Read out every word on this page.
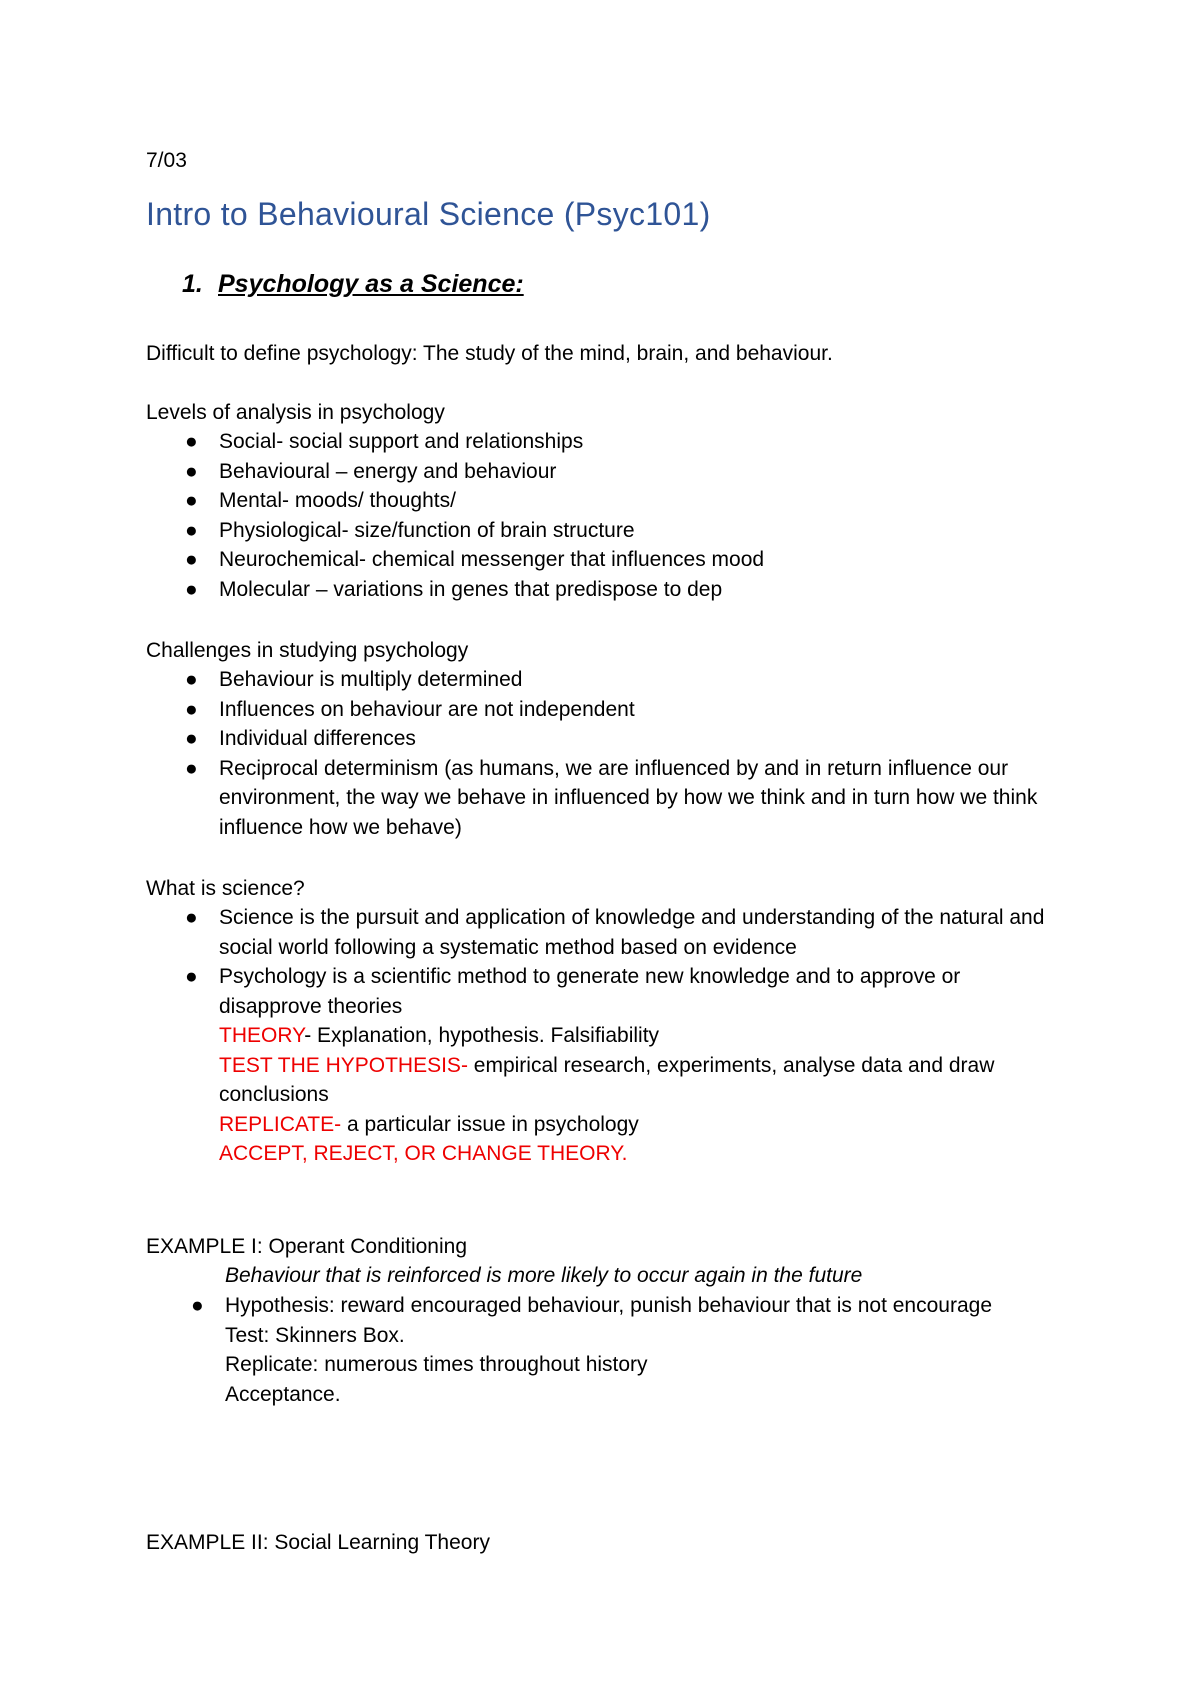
7/03
Intro to Behavioural Science (Psyc101)
1. Psychology as a Science:
Difficult to define psychology: The study of the mind, brain, and behaviour.
Levels of analysis in psychology
● Social- social support and relationships
● Behavioural – energy and behaviour
● Mental- moods/ thoughts/
● Physiological- size/function of brain structure
● Neurochemical- chemical messenger that influences mood
● Molecular – variations in genes that predispose to dep
Challenges in studying psychology
● Behaviour is multiply determined
● Influences on behaviour are not independent
● Individual differences
● Reciprocal determinism (as humans, we are influenced by and in return influence our environment, the way we behave in influenced by how we think and in turn how we think influence how we behave)
What is science?
● Science is the pursuit and application of knowledge and understanding of the natural and social world following a systematic method based on evidence
● Psychology is a scientific method to generate new knowledge and to approve or disapprove theories
THEORY- Explanation, hypothesis. Falsifiability
TEST THE HYPOTHESIS- empirical research, experiments, analyse data and draw conclusions
REPLICATE- a particular issue in psychology
ACCEPT, REJECT, OR CHANGE THEORY.
EXAMPLE I: Operant Conditioning
Behaviour that is reinforced is more likely to occur again in the future
● Hypothesis: reward encouraged behaviour, punish behaviour that is not encourage
Test: Skinners Box.
Replicate: numerous times throughout history
Acceptance.
EXAMPLE II: Social Learning Theory
